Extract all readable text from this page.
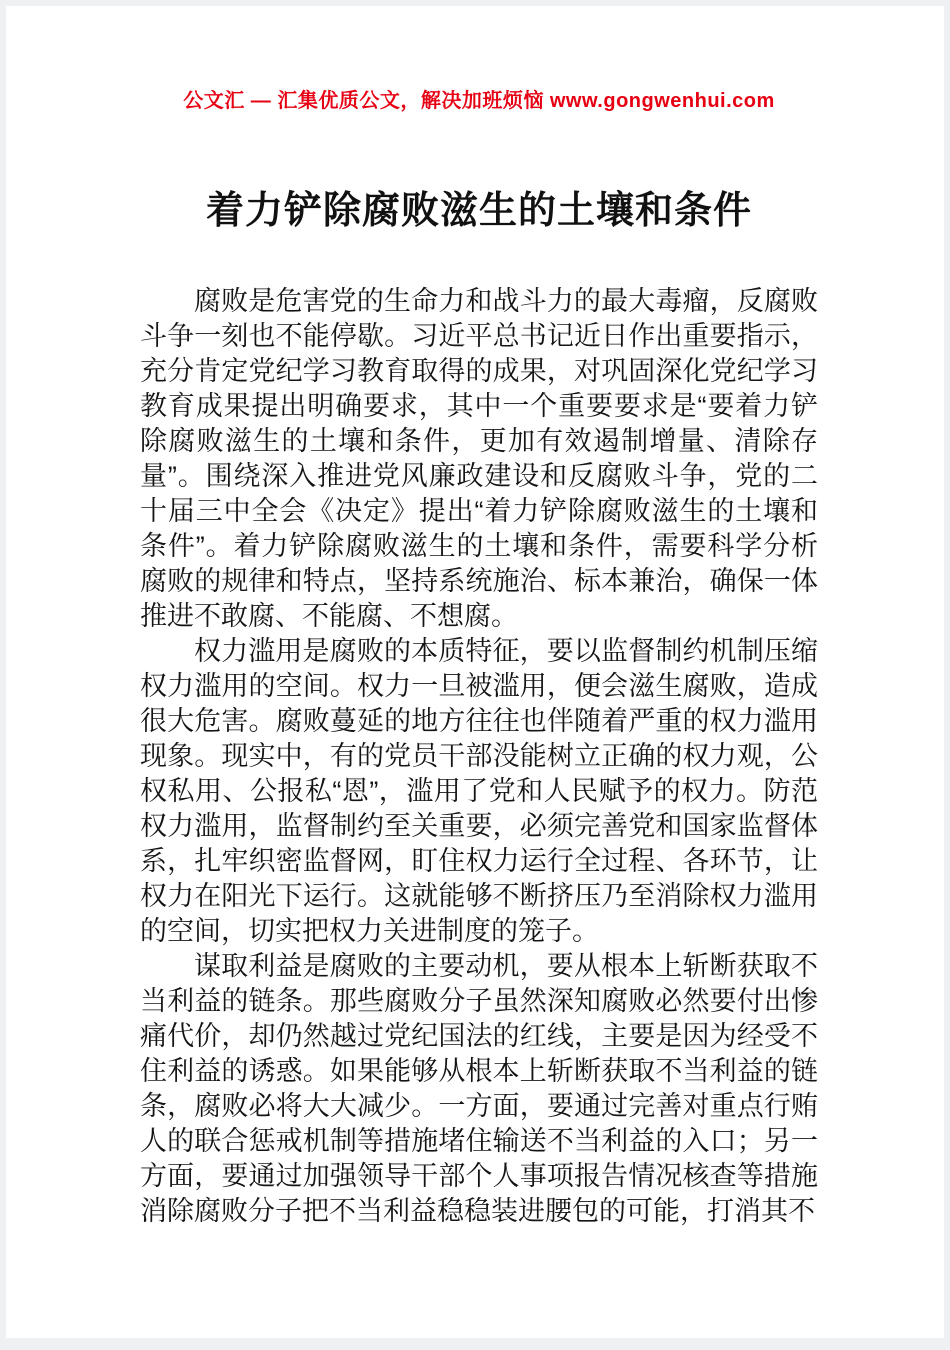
公文汇 — 汇集优质公文，解决加班烦恼 www.gongwenhui.com
着力铲除腐败滋生的土壤和条件

腐败是危害党的生命力和战斗力的最大毒瘤，反腐败斗争一刻也不能停歇。习近平总书记近日作出重要指示，充分肯定党纪学习教育取得的成果，对巩固深化党纪学习教育成果提出明确要求，其中一个重要要求是“要着力铲除腐败滋生的土壤和条件，更加有效遏制增量、清除存量”。围绕深入推进党风廉政建设和反腐败斗争，党的二十届三中全会《决定》提出“着力铲除腐败滋生的土壤和条件”。着力铲除腐败滋生的土壤和条件，需要科学分析腐败的规律和特点，坚持系统施治、标本兼治，确保一体推进不敢腐、不能腐、不想腐。

权力滥用是腐败的本质特征，要以监督制约机制压缩权力滥用的空间。权力一旦被滥用，便会滋生腐败，造成很大危害。腐败蔓延的地方往往也伴随着严重的权力滥用现象。现实中，有的党员干部没能树立正确的权力观，公权私用、公报私“恩”，滥用了党和人民赋予的权力。防范权力滥用，监督制约至关重要，必须完善党和国家监督体系，扎牢织密监督网，盯住权力运行全过程、各环节，让权力在阳光下运行。这就能够不断挤压乃至消除权力滥用的空间，切实把权力关进制度的笼子。

谋取利益是腐败的主要动机，要从根本上斩断获取不当利益的链条。那些腐败分子虽然深知腐败必然要付出惨痛代价，却仍然越过党纪国法的红线，主要是因为经受不住利益的诱惑。如果能够从根本上斩断获取不当利益的链条，腐败必将大大减少。一方面，要通过完善对重点行贿人的联合惩戒机制等措施堵住输送不当利益的入口；另一方面，要通过加强领导干部个人事项报告情况核查等措施消除腐败分子把不当利益稳稳装进腰包的可能，打消其不
